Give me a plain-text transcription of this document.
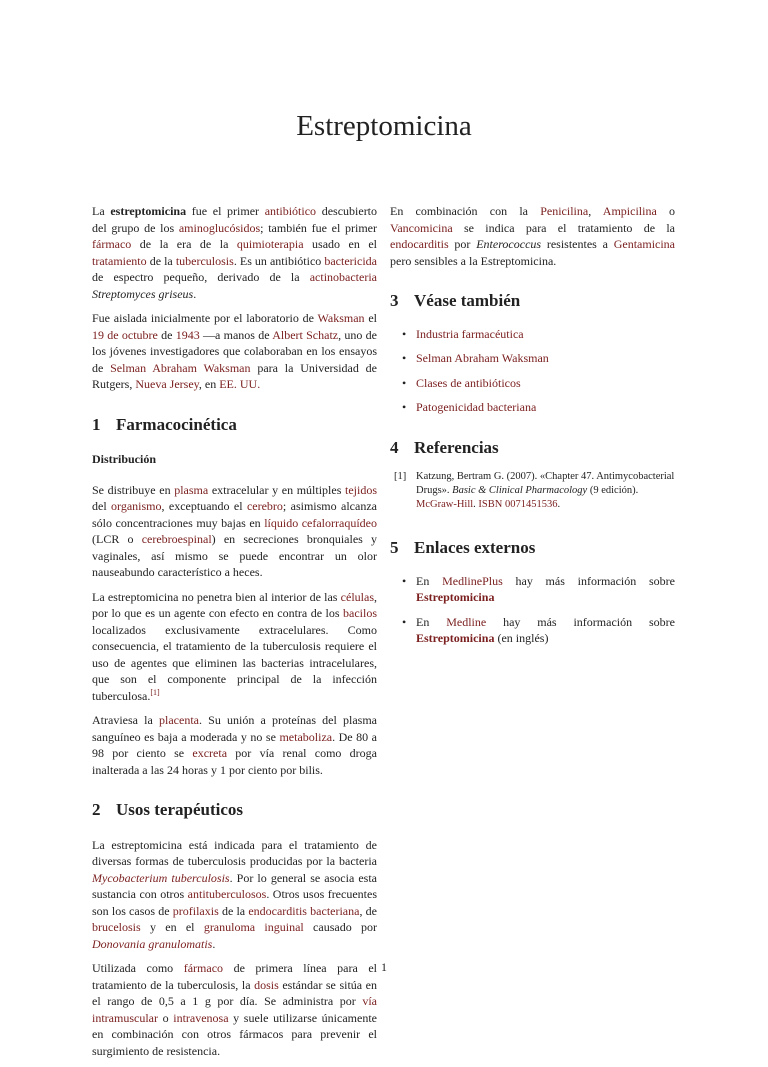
Estreptomicina

La estreptomicina fue el primer antibiótico descubierto del grupo de los aminoglucósidos; también fue el primer fármaco de la era de la quimioterapia usado en el tratamiento de la tuberculosis. Es un antibiótico bactericida de espectro pequeño, derivado de la actinobacteria Streptomyces griseus.

Fue aislada inicialmente por el laboratorio de Waksman el 19 de octubre de 1943 —a manos de Albert Schatz, uno de los jóvenes investigadores que colaboraban en los ensayos de Selman Abraham Waksman para la Universidad de Rutgers, Nueva Jersey, en EE. UU.

1 Farmacocinética
Distribución

Se distribuye en plasma extracelular y en múltiples tejidos del organismo, exceptuando el cerebro; asimismo alcanza sólo concentraciones muy bajas en líquido cefalorraquídeo (LCR o cerebroespinal) en secreciones bronquiales y vaginales, así mismo se puede encontrar un olor nauseabundo característico a heces.

La estreptomicina no penetra bien al interior de las células, por lo que es un agente con efecto en contra de los bacilos localizados exclusivamente extracelulares. Como consecuencia, el tratamiento de la tuberculosis requiere el uso de agentes que eliminen las bacterias intracelulares, que son el componente principal de la infección tuberculosa.[1]

Atraviesa la placenta. Su unión a proteínas del plasma sanguíneo es baja a moderada y no se metaboliza. De 80 a 98 por ciento se excreta por vía renal como droga inalterada a las 24 horas y 1 por ciento por bilis.

2 Usos terapéuticos

La estreptomicina está indicada para el tratamiento de diversas formas de tuberculosis producidas por la bacteria Mycobacterium tuberculosis. Por lo general se asocia esta sustancia con otros antituberculosos. Otros usos frecuentes son los casos de profilaxis de la endocarditis bacteriana, de brucelosis y en el granuloma inguinal causado por Donovania granulomatis.

Utilizada como fármaco de primera línea para el tratamiento de la tuberculosis, la dosis estándar se sitúa en el rango de 0,5 a 1 g por día. Se administra por vía intramuscular o intravenosa y suele utilizarse únicamente en combinación con otros fármacos para prevenir el surgimiento de resistencia.

En combinación con la Penicilina, Ampicilina o Vancomicina se indica para el tratamiento de la endocarditis por Enterococcus resistentes a Gentamicina pero sensibles a la Estreptomicina.

3 Véase también
• Industria farmacéutica
• Selman Abraham Waksman
• Clases de antibióticos
• Patogenicidad bacteriana
4 Referencias
[1] Katzung, Bertram G. (2007). «Chapter 47. Antimycobacterial Drugs». Basic & Clinical Pharmacology (9 edición). McGraw-Hill. ISBN 0071451536.
5 Enlaces externos
• En MedlinePlus hay más información sobre Estreptomicina
• En Medline hay más información sobre Estreptomicina (en inglés)
1
